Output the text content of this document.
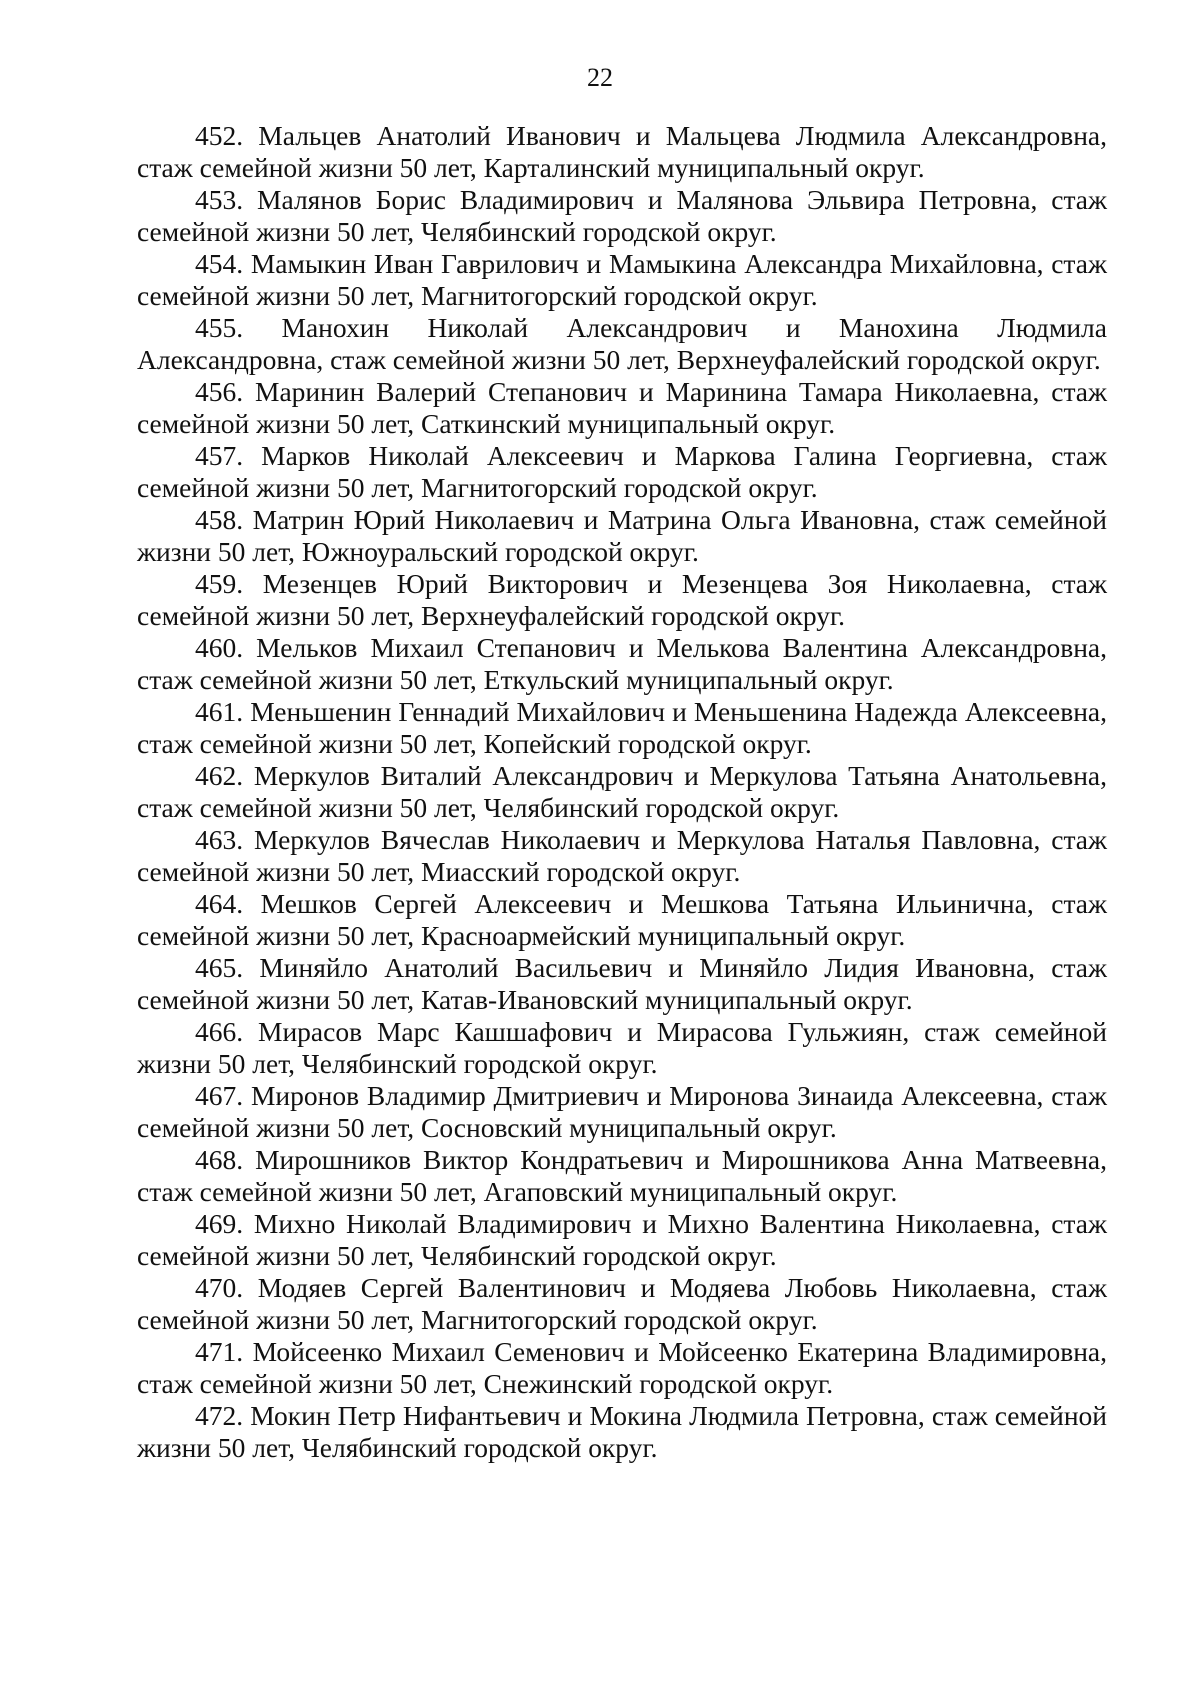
22

452. Мальцев Анатолий Иванович и Мальцева Людмила Александровна, стаж семейной жизни 50 лет, Карталинский муниципальный округ.

453. Малянов Борис Владимирович и Малянова Эльвира Петровна, стаж семейной жизни 50 лет, Челябинский городской округ.

454. Мамыкин Иван Гаврилович и Мамыкина Александра Михайловна, стаж семейной жизни 50 лет, Магнитогорский городской округ.

455. Манохин Николай Александрович и Манохина Людмила Александровна, стаж семейной жизни 50 лет, Верхнеуфалейский городской округ.

456. Маринин Валерий Степанович и Маринина Тамара Николаевна, стаж семейной жизни 50 лет, Саткинский муниципальный округ.

457. Марков Николай Алексеевич и Маркова Галина Георгиевна, стаж семейной жизни 50 лет, Магнитогорский городской округ.

458. Матрин Юрий Николаевич и Матрина Ольга Ивановна, стаж семейной жизни 50 лет, Южноуральский городской округ.

459. Мезенцев Юрий Викторович и Мезенцева Зоя Николаевна, стаж семейной жизни 50 лет, Верхнеуфалейский городской округ.

460. Мельков Михаил Степанович и Мелькова Валентина Александровна, стаж семейной жизни 50 лет, Еткульский муниципальный округ.

461. Меньшенин Геннадий Михайлович и Меньшенина Надежда Алексеевна, стаж семейной жизни 50 лет, Копейский городской округ.

462. Меркулов Виталий Александрович и Меркулова Татьяна Анатольевна, стаж семейной жизни 50 лет, Челябинский городской округ.

463. Меркулов Вячеслав Николаевич и Меркулова Наталья Павловна, стаж семейной жизни 50 лет, Миасский городской округ.

464. Мешков Сергей Алексеевич и Мешкова Татьяна Ильинична, стаж семейной жизни 50 лет, Красноармейский муниципальный округ.

465. Миняйло Анатолий Васильевич и Миняйло Лидия Ивановна, стаж семейной жизни 50 лет, Катав-Ивановский муниципальный округ.

466. Мирасов Марс Кашшафович и Мирасова Гульжиян, стаж семейной жизни 50 лет, Челябинский городской округ.

467. Миронов Владимир Дмитриевич и Миронова Зинаида Алексеевна, стаж семейной жизни 50 лет, Сосновский муниципальный округ.

468. Мирошников Виктор Кондратьевич и Мирошникова Анна Матвеевна, стаж семейной жизни 50 лет, Агаповский муниципальный округ.

469. Михно Николай Владимирович и Михно Валентина Николаевна, стаж семейной жизни 50 лет, Челябинский городской округ.

470. Модяев Сергей Валентинович и Модяева Любовь Николаевна, стаж семейной жизни 50 лет, Магнитогорский городской округ.

471. Мойсеенко Михаил Семенович и Мойсеенко Екатерина Владимировна, стаж семейной жизни 50 лет, Снежинский городской округ.

472. Мокин Петр Нифантьевич и Мокина Людмила Петровна, стаж семейной жизни 50 лет, Челябинский городской округ.
